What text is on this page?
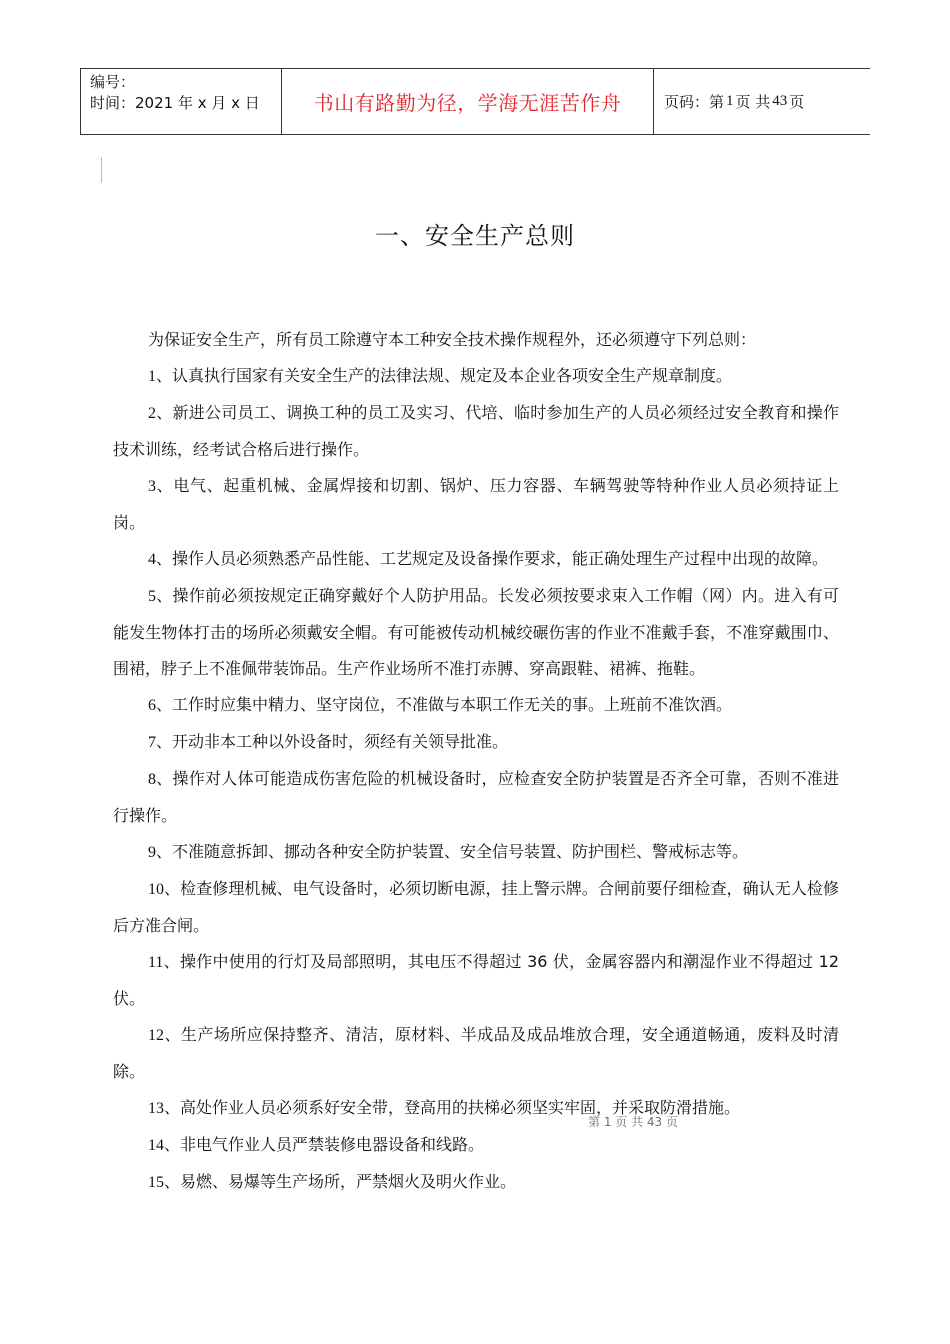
编号：
时间：2021 年 x 月 x 日	书山有路勤为径，学海无涯苦作舟	页码：第 1 页 共 43 页
一、安全生产总则

为保证安全生产，所有员工除遵守本工种安全技术操作规程外，还必须遵守下列总则：

1、认真执行国家有关安全生产的法律法规、规定及本企业各项安全生产规章制度。

2、新进公司员工、调换工种的员工及实习、代培、临时参加生产的人员必须经过安全教育和操作技术训练，经考试合格后进行操作。

3、电气、起重机械、金属焊接和切割、锅炉、压力容器、车辆驾驶等特种作业人员必须持证上岗。

4、操作人员必须熟悉产品性能、工艺规定及设备操作要求，能正确处理生产过程中出现的故障。

5、操作前必须按规定正确穿戴好个人防护用品。长发必须按要求束入工作帽（网）内。进入有可能发生物体打击的场所必须戴安全帽。有可能被传动机械绞碾伤害的作业不准戴手套，不准穿戴围巾、围裙，脖子上不准佩带装饰品。生产作业场所不准打赤膊、穿高跟鞋、裙裤、拖鞋。

6、工作时应集中精力、坚守岗位，不准做与本职工作无关的事。上班前不准饮酒。

7、开动非本工种以外设备时，须经有关领导批准。

8、操作对人体可能造成伤害危险的机械设备时，应检查安全防护装置是否齐全可靠，否则不准进行操作。

9、不准随意拆卸、挪动各种安全防护装置、安全信号装置、防护围栏、警戒标志等。

10、检查修理机械、电气设备时，必须切断电源，挂上警示牌。合闸前要仔细检查，确认无人检修后方准合闸。

11、操作中使用的行灯及局部照明，其电压不得超过 36 伏，金属容器内和潮湿作业不得超过 12 伏。

12、生产场所应保持整齐、清洁，原材料、半成品及成品堆放合理，安全通道畅通，废料及时清除。

13、高处作业人员必须系好安全带，登高用的扶梯必须坚实牢固，并采取防滑措施。

14、非电气作业人员严禁装修电器设备和线路。

15、易燃、易爆等生产场所，严禁烟火及明火作业。

第 1 页 共 43 页
